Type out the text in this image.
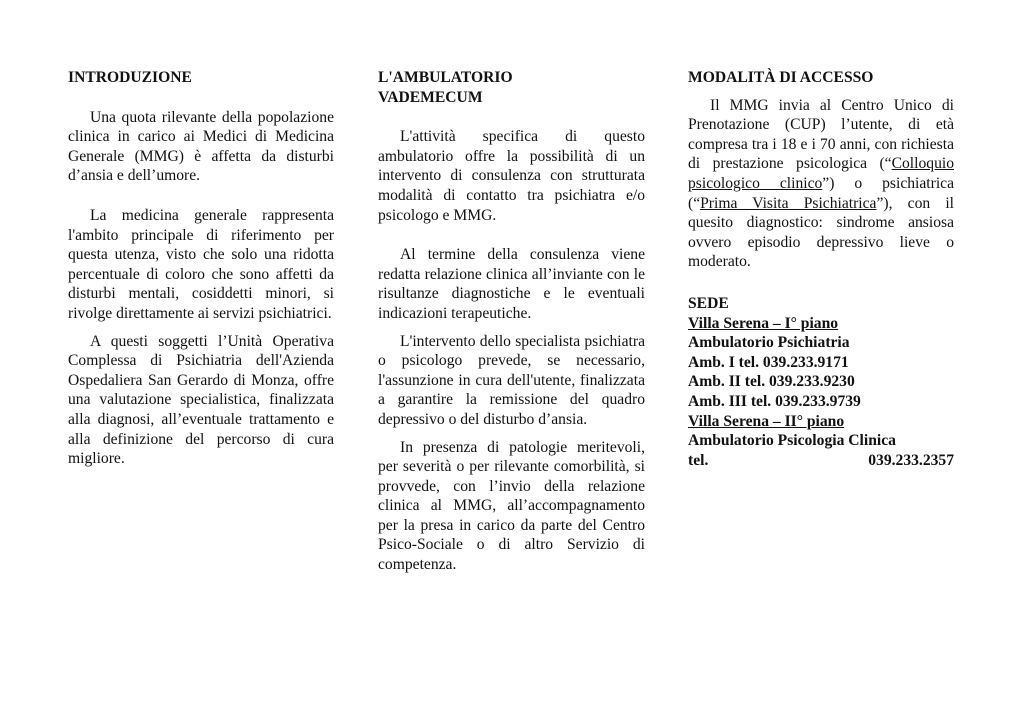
INTRODUZIONE

Una quota rilevante della popolazione clinica in carico ai Medici di Medicina Generale (MMG) è affetta da disturbi d’ansia e dell’umore.

La medicina generale rappresenta l'ambito principale di riferimento per questa utenza, visto che solo una ridotta percentuale di coloro che sono affetti da disturbi mentali, cosiddetti minori, si rivolge direttamente ai servizi psichiatrici.

A questi soggetti l’Unità Operativa Complessa di Psichiatria dell'Azienda Ospedaliera San Gerardo di Monza, offre una valutazione specialistica, finalizzata alla diagnosi, all’eventuale trattamento e alla definizione del percorso di cura migliore.

L'AMBULATORIO
VADEMECUM

L'attività specifica di questo ambulatorio offre la possibilità di un intervento di consulenza con strutturata modalità di contatto tra psichiatra e/o psicologo e MMG.

Al termine della consulenza viene redatta relazione clinica all’inviante con le risultanze diagnostiche e le eventuali indicazioni terapeutiche.

L'intervento dello specialista psichiatra o psicologo prevede, se necessario, l'assunzione in cura dell'utente, finalizzata a garantire la remissione del quadro depressivo o del disturbo d’ansia.

In presenza di patologie meritevoli, per severità o per rilevante comorbilità, si provvede, con l’invio della relazione clinica al MMG, all’accompagnamento per la presa in carico da parte del Centro Psico-Sociale o di altro Servizio di competenza.

MODALITÀ DI ACCESSO

Il MMG invia al Centro Unico di Prenotazione (CUP) l’utente, di età compresa tra i 18 e i 70 anni, con richiesta di prestazione psicologica (“Colloquio psicologico clinico”) o psichiatrica (“Prima Visita Psichiatrica”), con il quesito diagnostico: sindrome ansiosa ovvero episodio depressivo lieve o moderato.

SEDE

Villa Serena – I° piano

Ambulatorio Psichiatria

Amb. I tel. 039.233.9171

Amb. II tel. 039.233.9230

Amb. III tel. 039.233.9739

Villa Serena – II° piano

Ambulatorio Psicologia Clinica

tel.	039.233.2357
